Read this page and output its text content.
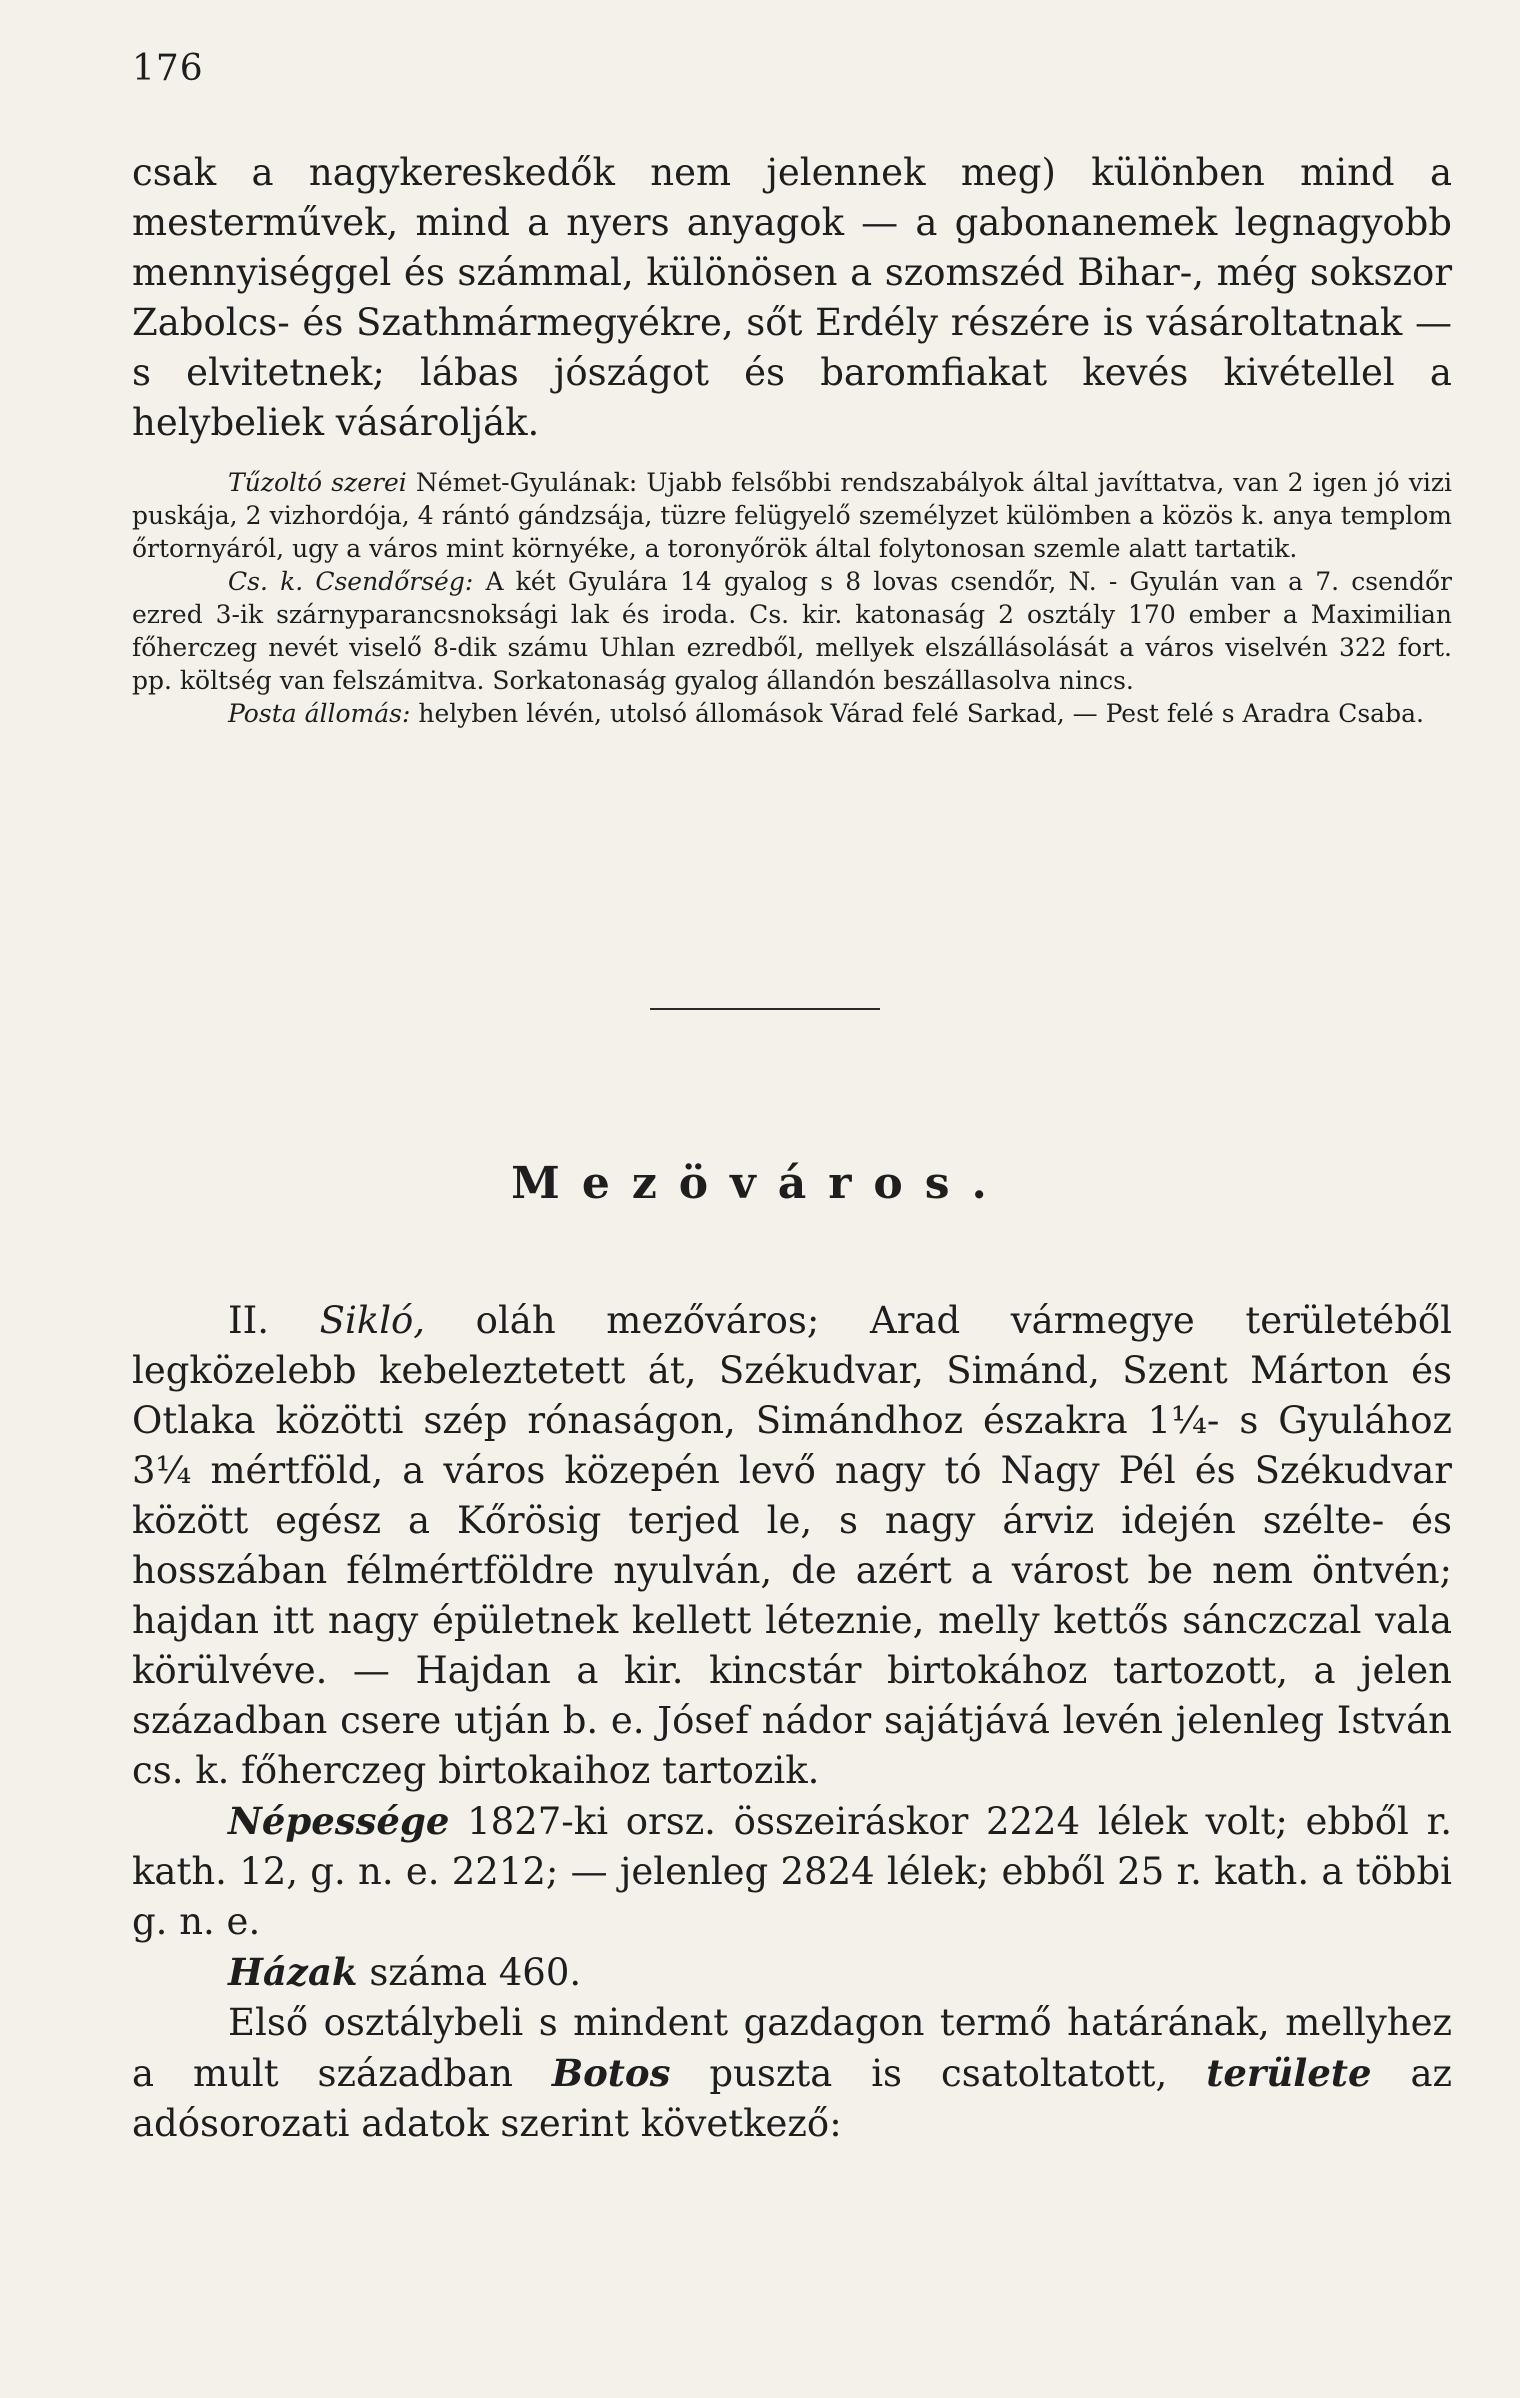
176

csak a nagykereskedők nem jelennek meg) különben mind a mesterművek, mind a nyers anyagok — a gabonanemek legnagyobb mennyiséggel és számmal, különösen a szomszéd Bihar-, még sokszor Zabolcs- és Szathmármegyékre, sőt Erdély részére is vásároltatnak — s elvitetnek; lábas jószágot és baromfiakat kevés kivétellel a helybeliek vásárolják.

Tűzoltó szerei Német-Gyulának: Ujabb felsőbbi rendszabályok által javíttatva, van 2 igen jó vizi puskája, 2 vizhordója, 4 rántó gándzsája, tüzre felügyelő személyzet külömben a közös k. anya templom őrtornyáról, ugy a város mint környéke, a toronyőrök által folytonosan szemle alatt tartatik.

Cs. k. Csendőrség: A két Gyulára 14 gyalog s 8 lovas csendőr, N. - Gyulán van a 7. csendőr ezred 3-ik szárnyparancsnoksági lak és iroda. Cs. kir. katonaság 2 osztály 170 ember a Maximilian főherczeg nevét viselő 8-dik számu Uhlan ezredből, mellyek elszállásolását a város viselvén 322 fort. pp. költség van felszámitva. Sorkatonaság gyalog állandón beszállasolva nincs.

Posta állomás: helyben lévén, utolsó állomások Várad felé Sarkad, — Pest felé s Aradra Csaba.

Mezöváros.

II. Sikló, oláh mezőváros; Arad vármegye területéből legközelebb kebeleztetett át, Székudvar, Simánd, Szent Márton és Otlaka közötti szép rónaságon, Simándhoz északra 1¼- s Gyulához 3¼ mértföld, a város közepén levő nagy tó Nagy Pél és Székudvar között egész a Kőrösig terjed le, s nagy árviz idején szélte- és hosszában félmértföldre nyulván, de azért a várost be nem öntvén; hajdan itt nagy épületnek kellett léteznie, melly kettős sánczczal vala körülvéve. — Hajdan a kir. kincstár birtokához tartozott, a jelen században csere utján b. e. Jósef nádor sajátjává levén jelenleg István cs. k. főherczeg birtokaihoz tartozik.

Népessége 1827-ki orsz. összeiráskor 2224 lélek volt; ebből r. kath. 12, g. n. e. 2212; — jelenleg 2824 lélek; ebből 25 r. kath. a többi g. n. e.

Házak száma 460.

Első osztálybeli s mindent gazdagon termő határának, mellyhez a mult században Botos puszta is csatoltatott, területe az adósorozati adatok szerint következő:
